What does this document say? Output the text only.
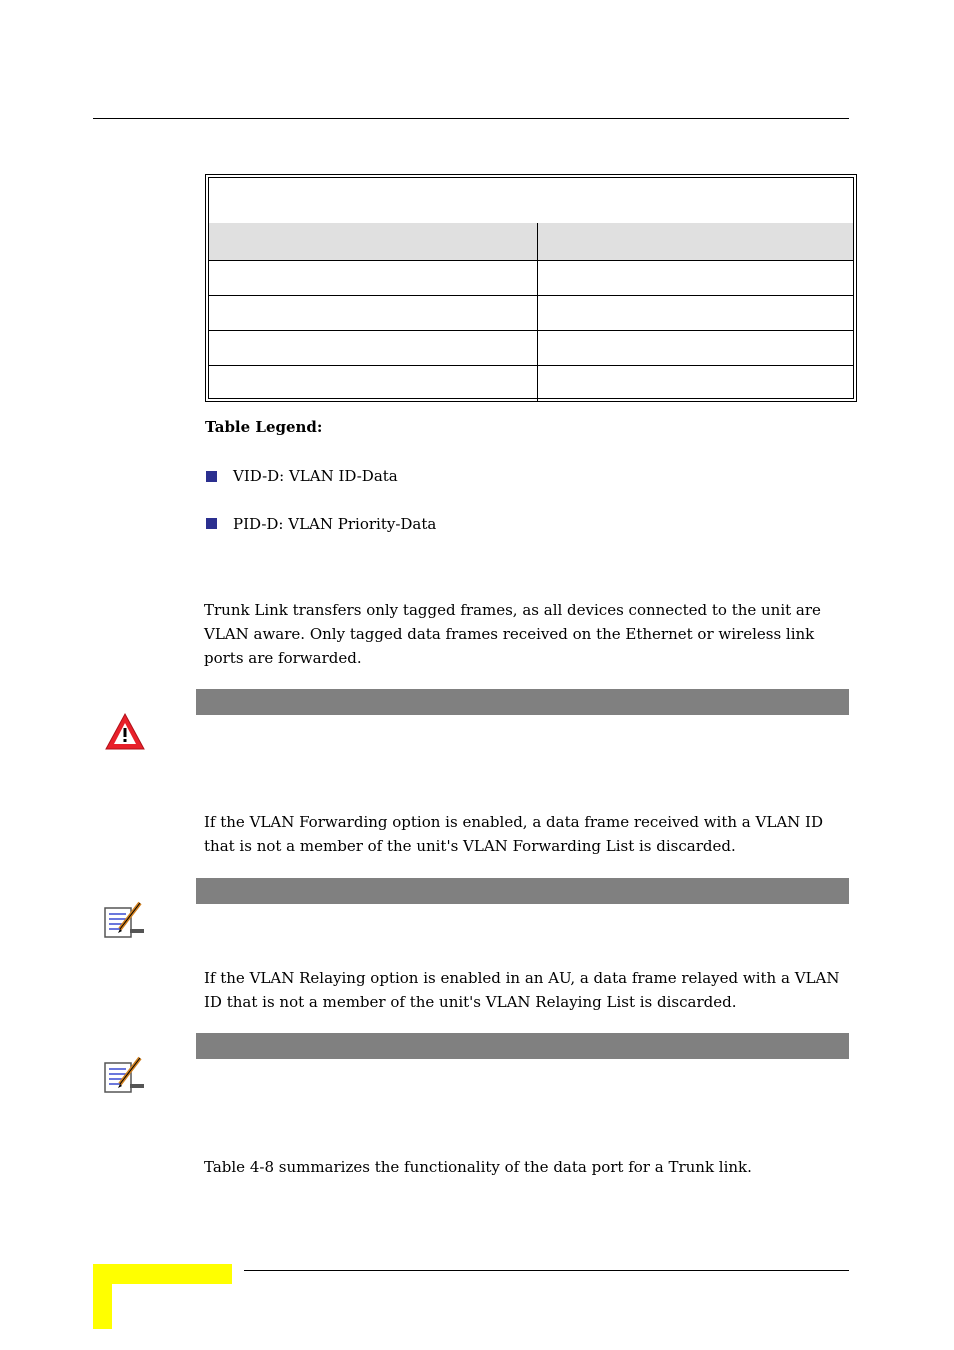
Table Legend:
VID-D: VLAN ID-Data
PID-D: VLAN Priority-Data
Trunk Link transfers only tagged frames, as all devices connected to the unit are VLAN aware. Only tagged data frames received on the Ethernet or wireless link ports are forwarded.
If the VLAN Forwarding option is enabled, a data frame received with a VLAN ID that is not a member of the unit's VLAN Forwarding List is discarded.
If the VLAN Relaying option is enabled in an AU, a data frame relayed with a VLAN ID that is not a member of the unit's VLAN Relaying List is discarded.
Table 4-8 summarizes the functionality of the data port for a Trunk link.
